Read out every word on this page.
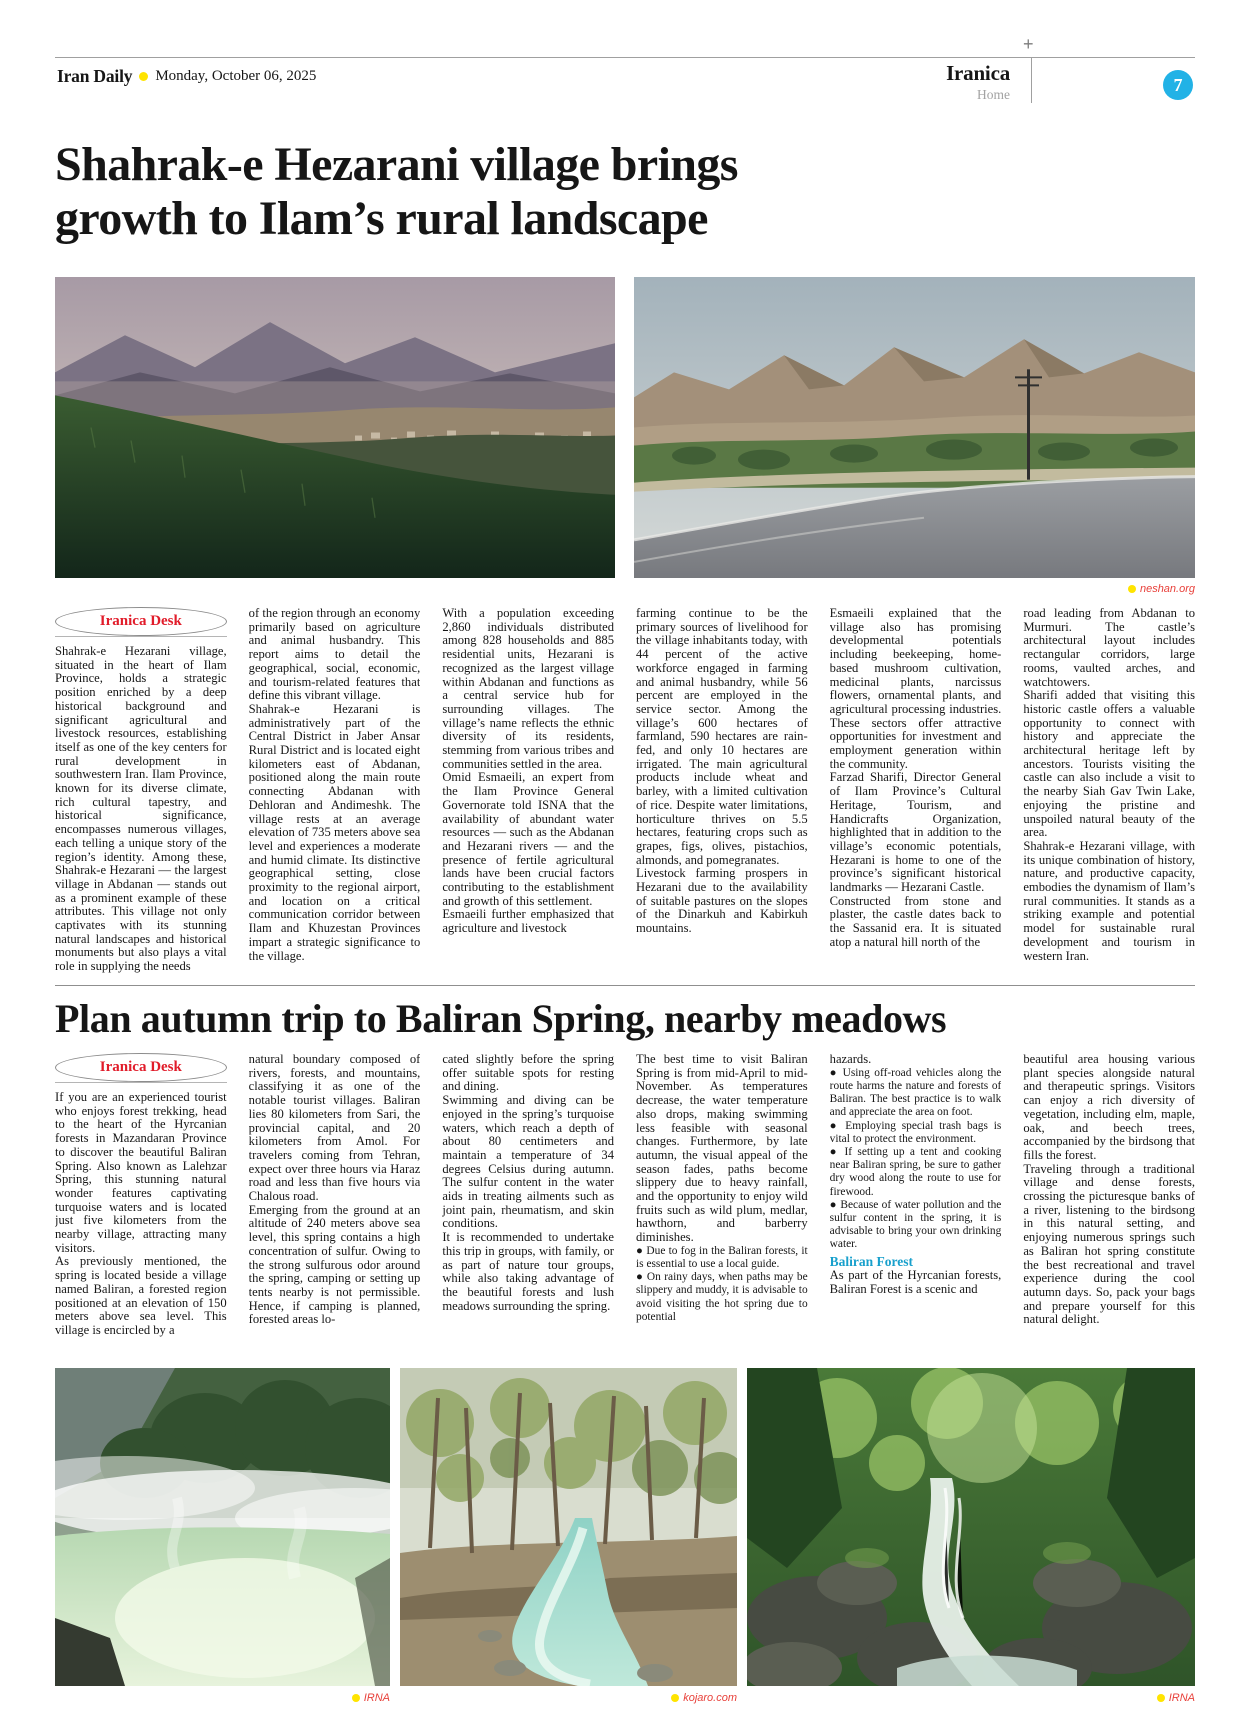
+
Iran Daily Monday, October 06, 2025	Iranica
Home	7
Shahrak-e Hezarani village brings
growth to Ilam’s rural landscape
neshan.org
Iranica Desk

Shahrak-e Hezarani village, situated in the heart of Ilam Province, holds a strategic position enriched by a deep historical background and significant agricultural and livestock resources, establishing itself as one of the key centers for rural development in southwestern Iran. Ilam Province, known for its diverse climate, rich cultural tapestry, and historical significance, encompasses numerous villages, each telling a unique story of the region’s identity. Among these, Shahrak-e Hezarani — the largest village in Abdanan — stands out as a prominent example of these attributes. This village not only captivates with its stunning natural landscapes and historical monuments but also plays a vital role in supplying the needs

of the region through an economy primarily based on agriculture and animal husbandry. This report aims to detail the geographical, social, economic, and tourism-related features that define this vibrant village.

Shahrak-e Hezarani is administratively part of the Central District in Jaber Ansar Rural District and is located eight kilometers east of Abdanan, positioned along the main route connecting Abdanan with Dehloran and Andimeshk. The village rests at an average elevation of 735 meters above sea level and experiences a moderate and humid climate. Its distinctive geographical setting, close proximity to the regional airport, and location on a critical communication corridor between Ilam and Khuzestan Provinces impart a strategic significance to the village.

With a population exceeding 2,860 individuals distributed among 828 households and 885 residential units, Hezarani is recognized as the largest village within Abdanan and functions as a central service hub for surrounding villages. The village’s name reflects the ethnic diversity of its residents, stemming from various tribes and communities settled in the area.

Omid Esmaeili, an expert from the Ilam Province General Governorate told ISNA that the availability of abundant water resources — such as the Abdanan and Hezarani rivers — and the presence of fertile agricultural lands have been crucial factors contributing to the establishment and growth of this settlement.

Esmaeili further emphasized that agriculture and livestock

farming continue to be the primary sources of livelihood for the village inhabitants today, with 44 percent of the active workforce engaged in farming and animal husbandry, while 56 percent are employed in the service sector. Among the village’s 600 hectares of farmland, 590 hectares are rain-fed, and only 10 hectares are irrigated. The main agricultural products include wheat and barley, with a limited cultivation of rice. Despite water limitations, horticulture thrives on 5.5 hectares, featuring crops such as grapes, figs, olives, pistachios, almonds, and pomegranates.

Livestock farming prospers in Hezarani due to the availability of suitable pastures on the slopes of the Dinarkuh and Kabirkuh mountains.

Esmaeili explained that the village also has promising developmental potentials including beekeeping, home-based mushroom cultivation, medicinal plants, narcissus flowers, ornamental plants, and agricultural processing industries. These sectors offer attractive opportunities for investment and employment generation within the community.

Farzad Sharifi, Director General of Ilam Province’s Cultural Heritage, Tourism, and Handicrafts Organization, highlighted that in addition to the village’s economic potentials, Hezarani is home to one of the province’s significant historical landmarks — Hezarani Castle.

Constructed from stone and plaster, the castle dates back to the Sassanid era. It is situated atop a natural hill north of the

road leading from Abdanan to Murmuri. The castle’s architectural layout includes rectangular corridors, large rooms, vaulted arches, and watchtowers.

Sharifi added that visiting this historic castle offers a valuable opportunity to connect with history and appreciate the architectural heritage left by ancestors. Tourists visiting the castle can also include a visit to the nearby Siah Gav Twin Lake, enjoying the pristine and unspoiled natural beauty of the area.

Shahrak-e Hezarani village, with its unique combination of history, nature, and productive capacity, embodies the dynamism of Ilam’s rural communities. It stands as a striking example and potential model for sustainable rural development and tourism in western Iran.

Plan autumn trip to Baliran Spring, nearby meadows
Iranica Desk

If you are an experienced tourist who enjoys forest trekking, head to the heart of the Hyrcanian forests in Mazandaran Province to discover the beautiful Baliran Spring. Also known as Lalehzar Spring, this stunning natural wonder features captivating turquoise waters and is located just five kilometers from the nearby village, attracting many visitors.

As previously mentioned, the spring is located beside a village named Baliran, a forested region positioned at an elevation of 150 meters above sea level. This village is encircled by a

natural boundary composed of rivers, forests, and mountains, classifying it as one of the notable tourist villages. Baliran lies 80 kilometers from Sari, the provincial capital, and 20 kilometers from Amol. For travelers coming from Tehran, expect over three hours via Haraz road and less than five hours via Chalous road.

Emerging from the ground at an altitude of 240 meters above sea level, this spring contains a high concentration of sulfur. Owing to the strong sulfurous odor around the spring, camping or setting up tents nearby is not permissible. Hence, if camping is planned, forested areas lo-

cated slightly before the spring offer suitable spots for resting and dining.

Swimming and diving can be enjoyed in the spring’s turquoise waters, which reach a depth of about 80 centimeters and maintain a temperature of 34 degrees Celsius during autumn. The sulfur content in the water aids in treating ailments such as joint pain, rheumatism, and skin conditions.

It is recommended to undertake this trip in groups, with family, or as part of nature tour groups, while also taking advantage of the beautiful forests and lush meadows surrounding the spring.

The best time to visit Baliran Spring is from mid-April to mid-November. As temperatures decrease, the water temperature also drops, making swimming less feasible with seasonal changes. Furthermore, by late autumn, the visual appeal of the season fades, paths become slippery due to heavy rainfall, and the opportunity to enjoy wild fruits such as wild plum, medlar, hawthorn, and barberry diminishes.

● Due to fog in the Baliran forests, it is essential to use a local guide.

● On rainy days, when paths may be slippery and muddy, it is advisable to avoid visiting the hot spring due to potential

hazards.

● Using off-road vehicles along the route harms the nature and forests of Baliran. The best practice is to walk and appreciate the area on foot.

● Employing special trash bags is vital to protect the environment.

● If setting up a tent and cooking near Baliran spring, be sure to gather dry wood along the route to use for firewood.

● Because of water pollution and the sulfur content in the spring, it is advisable to bring your own drinking water.

Baliran Forest

As part of the Hyrcanian forests, Baliran Forest is a scenic and

beautiful area housing various plant species alongside natural and therapeutic springs. Visitors can enjoy a rich diversity of vegetation, including elm, maple, oak, and beech trees, accompanied by the birdsong that fills the forest.

Traveling through a traditional village and dense forests, crossing the picturesque banks of a river, listening to the birdsong in this natural setting, and enjoying numerous springs such as Baliran hot spring constitute the best recreational and travel experience during the cool autumn days. So, pack your bags and prepare yourself for this natural delight.

IRNA	kojaro.com	IRNA
